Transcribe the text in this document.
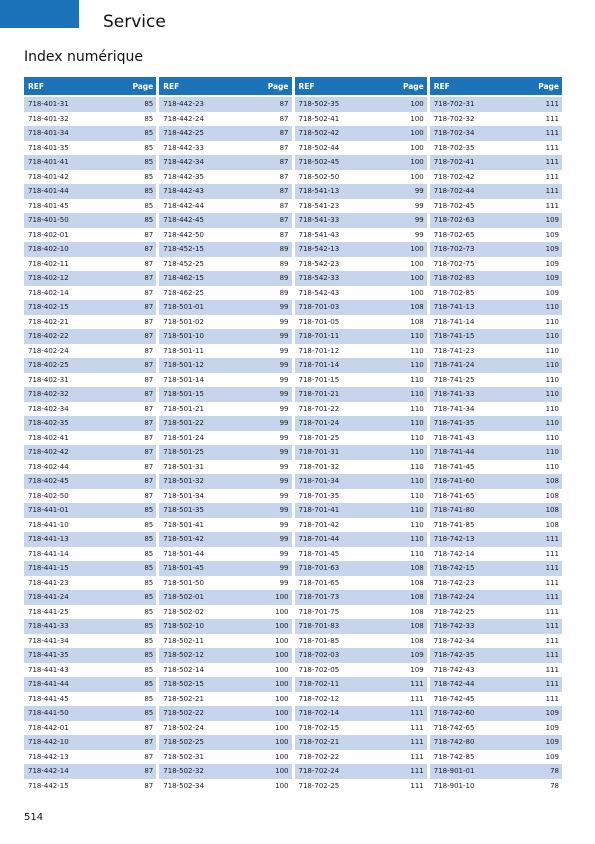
Service
Index numérique
REF	Page
718-401-31	85
718-401-32	85
718-401-34	85
718-401-35	85
718-401-41	85
718-401-42	85
718-401-44	85
718-401-45	85
718-401-50	85
718-402-01	87
718-402-10	87
718-402-11	87
718-402-12	87
718-402-14	87
718-402-15	87
718-402-21	87
718-402-22	87
718-402-24	87
718-402-25	87
718-402-31	87
718-402-32	87
718-402-34	87
718-402-35	87
718-402-41	87
718-402-42	87
718-402-44	87
718-402-45	87
718-402-50	87
718-441-01	85
718-441-10	85
718-441-13	85
718-441-14	85
718-441-15	85
718-441-23	85
718-441-24	85
718-441-25	85
718-441-33	85
718-441-34	85
718-441-35	85
718-441-43	85
718-441-44	85
718-441-45	85
718-441-50	85
718-442-01	87
718-442-10	87
718-442-13	87
718-442-14	87
718-442-15	87
REF	Page
718-442-23	87
718-442-24	87
718-442-25	87
718-442-33	87
718-442-34	87
718-442-35	87
718-442-43	87
718-442-44	87
718-442-45	87
718-442-50	87
718-452-15	89
718-452-25	89
718-462-15	89
718-462-25	89
718-501-01	99
718-501-02	99
718-501-10	99
718-501-11	99
718-501-12	99
718-501-14	99
718-501-15	99
718-501-21	99
718-501-22	99
718-501-24	99
718-501-25	99
718-501-31	99
718-501-32	99
718-501-34	99
718-501-35	99
718-501-41	99
718-501-42	99
718-501-44	99
718-501-45	99
718-501-50	99
718-502-01	100
718-502-02	100
718-502-10	100
718-502-11	100
718-502-12	100
718-502-14	100
718-502-15	100
718-502-21	100
718-502-22	100
718-502-24	100
718-502-25	100
718-502-31	100
718-502-32	100
718-502-34	100
REF	Page
718-502-35	100
718-502-41	100
718-502-42	100
718-502-44	100
718-502-45	100
718-502-50	100
718-541-13	99
718-541-23	99
718-541-33	99
718-541-43	99
718-542-13	100
718-542-23	100
718-542-33	100
718-542-43	100
718-701-03	108
718-701-05	108
718-701-11	110
718-701-12	110
718-701-14	110
718-701-15	110
718-701-21	110
718-701-22	110
718-701-24	110
718-701-25	110
718-701-31	110
718-701-32	110
718-701-34	110
718-701-35	110
718-701-41	110
718-701-42	110
718-701-44	110
718-701-45	110
718-701-63	108
718-701-65	108
718-701-73	108
718-701-75	108
718-701-83	108
718-701-85	108
718-702-03	109
718-702-05	109
718-702-11	111
718-702-12	111
718-702-14	111
718-702-15	111
718-702-21	111
718-702-22	111
718-702-24	111
718-702-25	111
REF	Page
718-702-31	111
718-702-32	111
718-702-34	111
718-702-35	111
718-702-41	111
718-702-42	111
718-702-44	111
718-702-45	111
718-702-63	109
718-702-65	109
718-702-73	109
718-702-75	109
718-702-83	109
718-702-85	109
718-741-13	110
718-741-14	110
718-741-15	110
718-741-23	110
718-741-24	110
718-741-25	110
718-741-33	110
718-741-34	110
718-741-35	110
718-741-43	110
718-741-44	110
718-741-45	110
718-741-60	108
718-741-65	108
718-741-80	108
718-741-85	108
718-742-13	111
718-742-14	111
718-742-15	111
718-742-23	111
718-742-24	111
718-742-25	111
718-742-33	111
718-742-34	111
718-742-35	111
718-742-43	111
718-742-44	111
718-742-45	111
718-742-60	109
718-742-65	109
718-742-80	109
718-742-85	109
718-901-01	78
718-901-10	78
514
